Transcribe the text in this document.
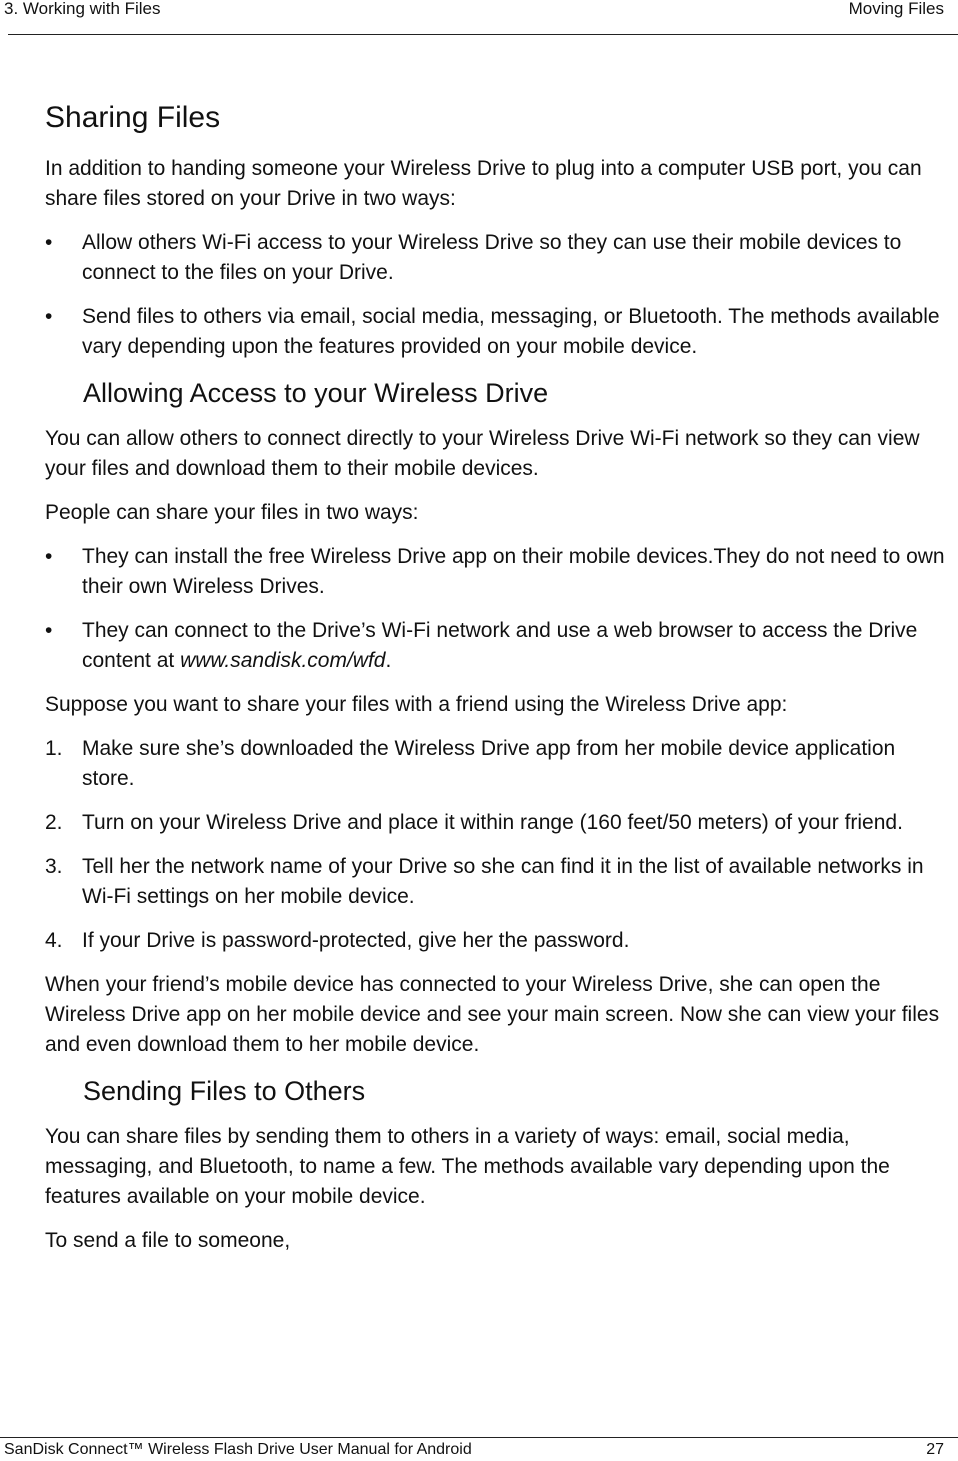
3. Working with Files	Moving Files
Sharing Files

In addition to handing someone your Wireless Drive to plug into a computer USB port, you can share files stored on your Drive in two ways:

• Allow others Wi-Fi access to your Wireless Drive so they can use their mobile devices to connect to the files on your Drive.
• Send files to others via email, social media, messaging, or Bluetooth. The methods available vary depending upon the features provided on your mobile device.
Allowing Access to your Wireless Drive

You can allow others to connect directly to your Wireless Drive Wi-Fi network so they can view your files and download them to their mobile devices.

People can share your files in two ways:

• They can install the free Wireless Drive app on their mobile devices.They do not need to own their own Wireless Drives.
• They can connect to the Drive’s Wi-Fi network and use a web browser to access the Drive content at www.sandisk.com/wfd.

Suppose you want to share your files with a friend using the Wireless Drive app:

1. Make sure she’s downloaded the Wireless Drive app from her mobile device application store.
2. Turn on your Wireless Drive and place it within range (160 feet/50 meters) of your friend.
3. Tell her the network name of your Drive so she can find it in the list of available networks in Wi-Fi settings on her mobile device.
4. If your Drive is password-protected, give her the password.

When your friend’s mobile device has connected to your Wireless Drive, she can open the Wireless Drive app on her mobile device and see your main screen. Now she can view your files and even download them to her mobile device.

Sending Files to Others

You can share files by sending them to others in a variety of ways: email, social media, messaging, and Bluetooth, to name a few. The methods available vary depending upon the features available on your mobile device.

To send a file to someone,

SanDisk Connect™ Wireless Flash Drive User Manual for Android	27
